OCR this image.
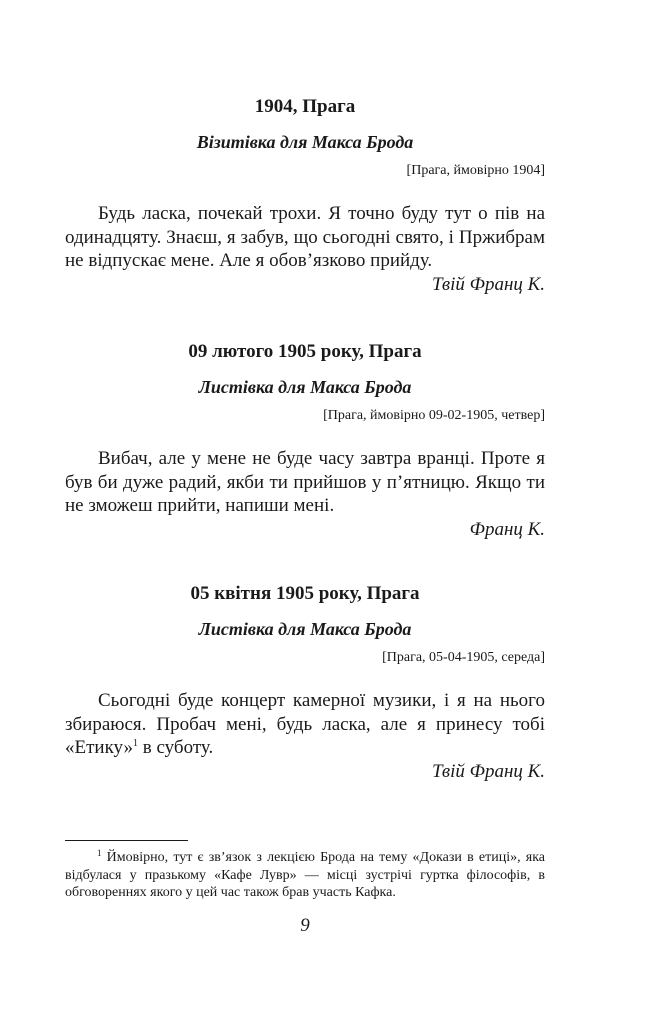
1904, Прага

Візитівка для Макса Брода

[Прага, ймовірно 1904]

Будь ласка, почекай трохи. Я точно буду тут о пів на одинадцяту. Знаєш, я забув, що сьогодні свято, і Пржибрам не відпускає мене. Але я обов’язково прийду.

Твій Франц К.

09 лютого 1905 року, Прага

Листівка для Макса Брода

[Прага, ймовірно 09-02-1905, четвер]

Вибач, але у мене не буде часу завтра вранці. Проте я був би дуже радий, якби ти прийшов у п’ятницю. Якщо ти не зможеш прийти, напиши мені.

Франц К.

05 квітня 1905 року, Прага

Листівка для Макса Брода

[Прага, 05-04-1905, середа]

Сьогодні буде концерт камерної музики, і я на нього збираюся. Пробач мені, будь ласка, але я принесу тобі «Етику»$^1$ в суботу.

Твій Франц К.

$^1$ Ймовірно, тут є зв’язок з лекцією Брода на тему «Докази в етиці», яка відбулася у празькому «Кафе Лувр» — місці зустрічі гуртка філософів, в обговореннях якого у цей час також брав участь Кафка.

9
